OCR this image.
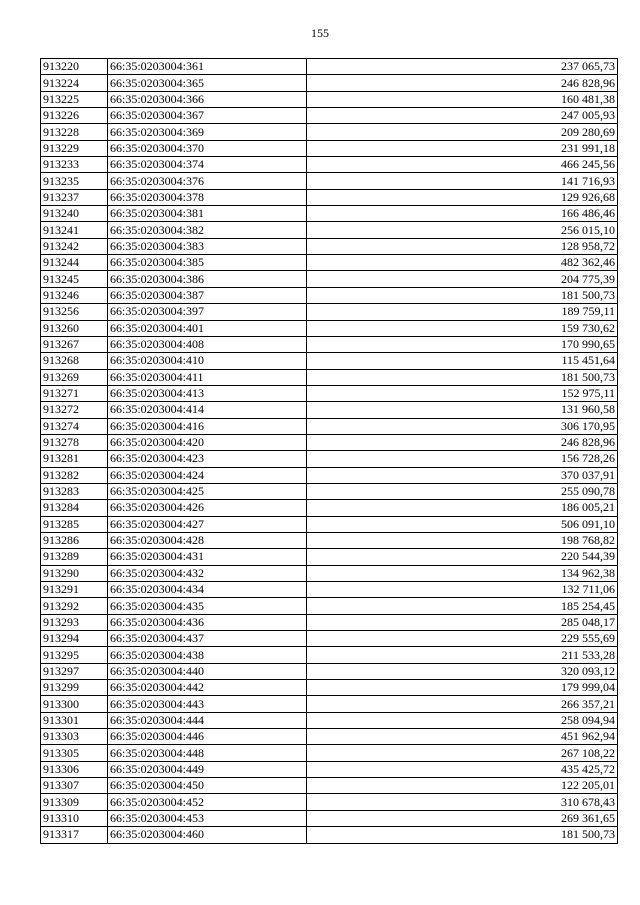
155
913220	66:35:0203004:361	237 065,73
913224	66:35:0203004:365	246 828,96
913225	66:35:0203004:366	160 481,38
913226	66:35:0203004:367	247 005,93
913228	66:35:0203004:369	209 280,69
913229	66:35:0203004:370	231 991,18
913233	66:35:0203004:374	466 245,56
913235	66:35:0203004:376	141 716,93
913237	66:35:0203004:378	129 926,68
913240	66:35:0203004:381	166 486,46
913241	66:35:0203004:382	256 015,10
913242	66:35:0203004:383	128 958,72
913244	66:35:0203004:385	482 362,46
913245	66:35:0203004:386	204 775,39
913246	66:35:0203004:387	181 500,73
913256	66:35:0203004:397	189 759,11
913260	66:35:0203004:401	159 730,62
913267	66:35:0203004:408	170 990,65
913268	66:35:0203004:410	115 451,64
913269	66:35:0203004:411	181 500,73
913271	66:35:0203004:413	152 975,11
913272	66:35:0203004:414	131 960,58
913274	66:35:0203004:416	306 170,95
913278	66:35:0203004:420	246 828,96
913281	66:35:0203004:423	156 728,26
913282	66:35:0203004:424	370 037,91
913283	66:35:0203004:425	255 090,78
913284	66:35:0203004:426	186 005,21
913285	66:35:0203004:427	506 091,10
913286	66:35:0203004:428	198 768,82
913289	66:35:0203004:431	220 544,39
913290	66:35:0203004:432	134 962,38
913291	66:35:0203004:434	132 711,06
913292	66:35:0203004:435	185 254,45
913293	66:35:0203004:436	285 048,17
913294	66:35:0203004:437	229 555,69
913295	66:35:0203004:438	211 533,28
913297	66:35:0203004:440	320 093,12
913299	66:35:0203004:442	179 999,04
913300	66:35:0203004:443	266 357,21
913301	66:35:0203004:444	258 094,94
913303	66:35:0203004:446	451 962,94
913305	66:35:0203004:448	267 108,22
913306	66:35:0203004:449	435 425,72
913307	66:35:0203004:450	122 205,01
913309	66:35:0203004:452	310 678,43
913310	66:35:0203004:453	269 361,65
913317	66:35:0203004:460	181 500,73
